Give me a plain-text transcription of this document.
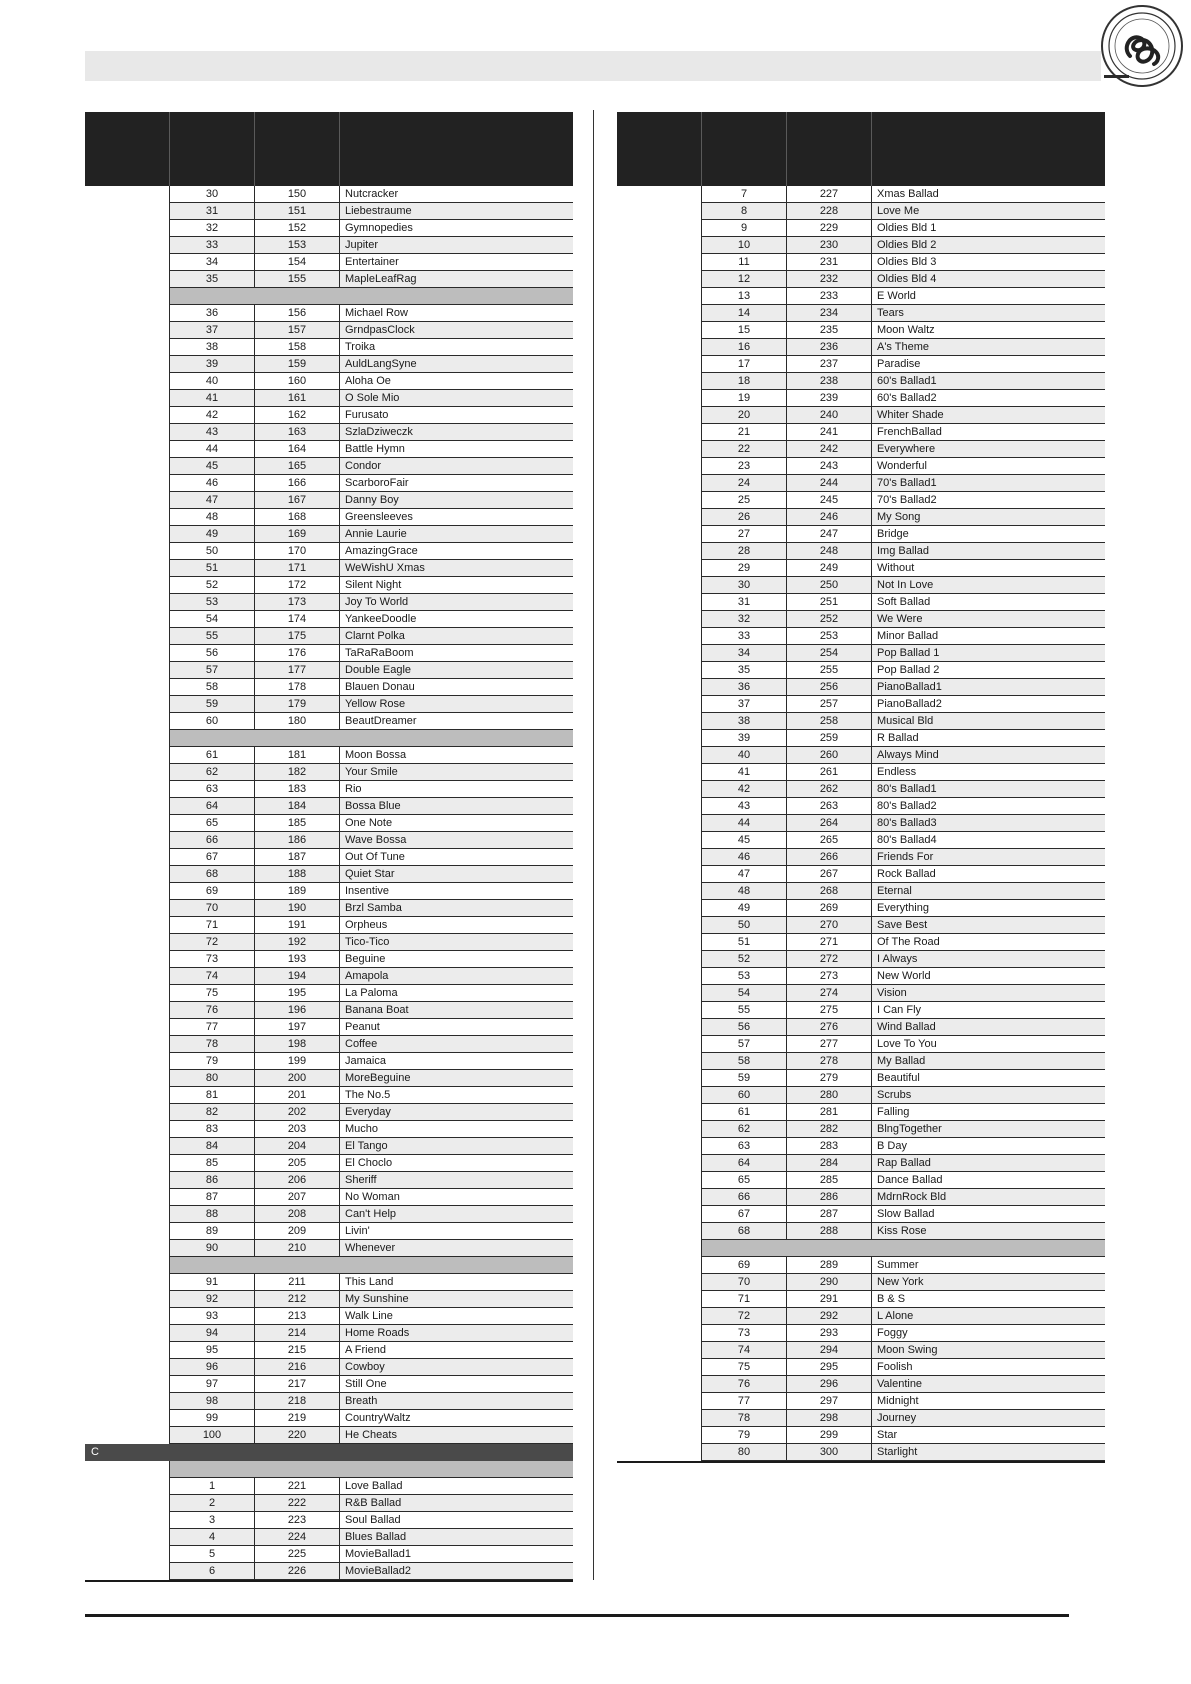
30	150	Nutcracker
31	151	Liebestraume
32	152	Gymnopedies
33	153	Jupiter
34	154	Entertainer
35	155	MapleLeafRag
36	156	Michael Row
37	157	GrndpasClock
38	158	Troika
39	159	AuldLangSyne
40	160	Aloha Oe
41	161	O Sole Mio
42	162	Furusato
43	163	SzlaDziweczk
44	164	Battle Hymn
45	165	Condor
46	166	ScarboroFair
47	167	Danny Boy
48	168	Greensleeves
49	169	Annie Laurie
50	170	AmazingGrace
51	171	WeWishU Xmas
52	172	Silent Night
53	173	Joy To World
54	174	YankeeDoodle
55	175	Clarnt Polka
56	176	TaRaRaBoom
57	177	Double Eagle
58	178	Blauen Donau
59	179	Yellow Rose
60	180	BeautDreamer
61	181	Moon Bossa
62	182	Your Smile
63	183	Rio
64	184	Bossa Blue
65	185	One Note
66	186	Wave Bossa
67	187	Out Of Tune
68	188	Quiet Star
69	189	Insentive
70	190	Brzl Samba
71	191	Orpheus
72	192	Tico-Tico
73	193	Beguine
74	194	Amapola
75	195	La Paloma
76	196	Banana Boat
77	197	Peanut
78	198	Coffee
79	199	Jamaica
80	200	MoreBeguine
81	201	The No.5
82	202	Everyday
83	203	Mucho
84	204	El Tango
85	205	El Choclo
86	206	Sheriff
87	207	No Woman
88	208	Can't Help
89	209	Livin'
90	210	Whenever
91	211	This Land
92	212	My Sunshine
93	213	Walk Line
94	214	Home Roads
95	215	A Friend
96	216	Cowboy
97	217	Still One
98	218	Breath
99	219	CountryWaltz
100	220	He Cheats
C
1	221	Love Ballad
2	222	R&B Ballad
3	223	Soul Ballad
4	224	Blues Ballad
5	225	MovieBallad1
6	226	MovieBallad2
7	227	Xmas Ballad
8	228	Love Me
9	229	Oldies Bld 1
10	230	Oldies Bld 2
11	231	Oldies Bld 3
12	232	Oldies Bld 4
13	233	E World
14	234	Tears
15	235	Moon Waltz
16	236	A's Theme
17	237	Paradise
18	238	60's Ballad1
19	239	60's Ballad2
20	240	Whiter Shade
21	241	FrenchBallad
22	242	Everywhere
23	243	Wonderful
24	244	70's Ballad1
25	245	70's Ballad2
26	246	My Song
27	247	Bridge
28	248	Img Ballad
29	249	Without
30	250	Not In Love
31	251	Soft Ballad
32	252	We Were
33	253	Minor Ballad
34	254	Pop Ballad 1
35	255	Pop Ballad 2
36	256	PianoBallad1
37	257	PianoBallad2
38	258	Musical Bld
39	259	R Ballad
40	260	Always Mind
41	261	Endless
42	262	80's Ballad1
43	263	80's Ballad2
44	264	80's Ballad3
45	265	80's Ballad4
46	266	Friends For
47	267	Rock Ballad
48	268	Eternal
49	269	Everything
50	270	Save Best
51	271	Of The Road
52	272	I Always
53	273	New World
54	274	Vision
55	275	I Can Fly
56	276	Wind Ballad
57	277	Love To You
58	278	My Ballad
59	279	Beautiful
60	280	Scrubs
61	281	Falling
62	282	BlngTogether
63	283	B Day
64	284	Rap Ballad
65	285	Dance Ballad
66	286	MdrnRock Bld
67	287	Slow Ballad
68	288	Kiss Rose
69	289	Summer
70	290	New York
71	291	B & S
72	292	L Alone
73	293	Foggy
74	294	Moon Swing
75	295	Foolish
76	296	Valentine
77	297	Midnight
78	298	Journey
79	299	Star
80	300	Starlight
